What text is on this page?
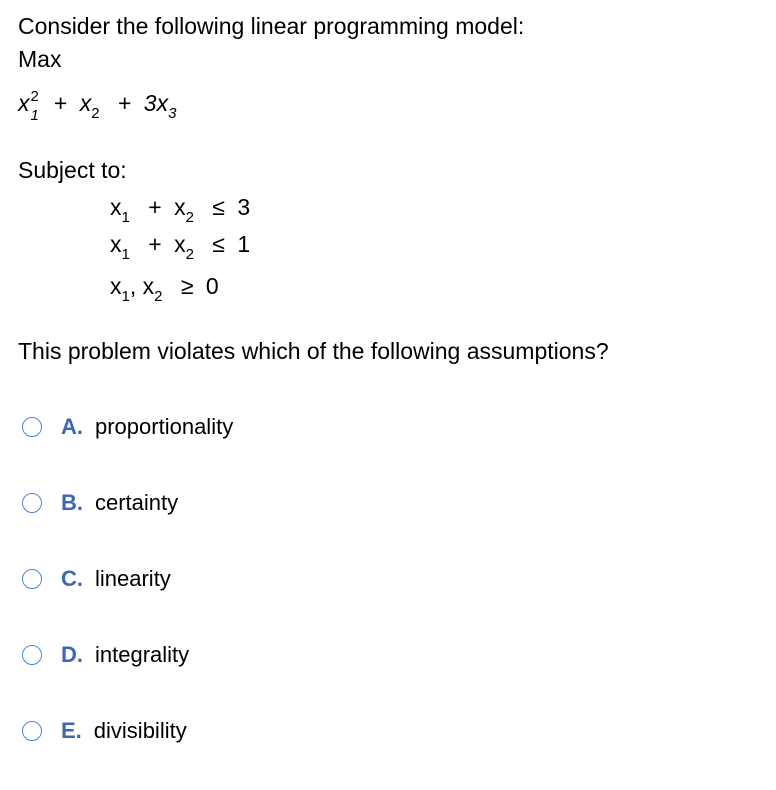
Consider the following linear programming model:
Max
x 2
$1 + x_2 + 3x_3$
Subject to:
$x_1 + x_2 \le 3$
$x_1 + x_2 \le 1$
$x_1$, $x_2 \ge 0$
This problem violates which of the following assumptions?
A. proportionality
B. certainty
C. linearity
D. integrality
E. divisibility
